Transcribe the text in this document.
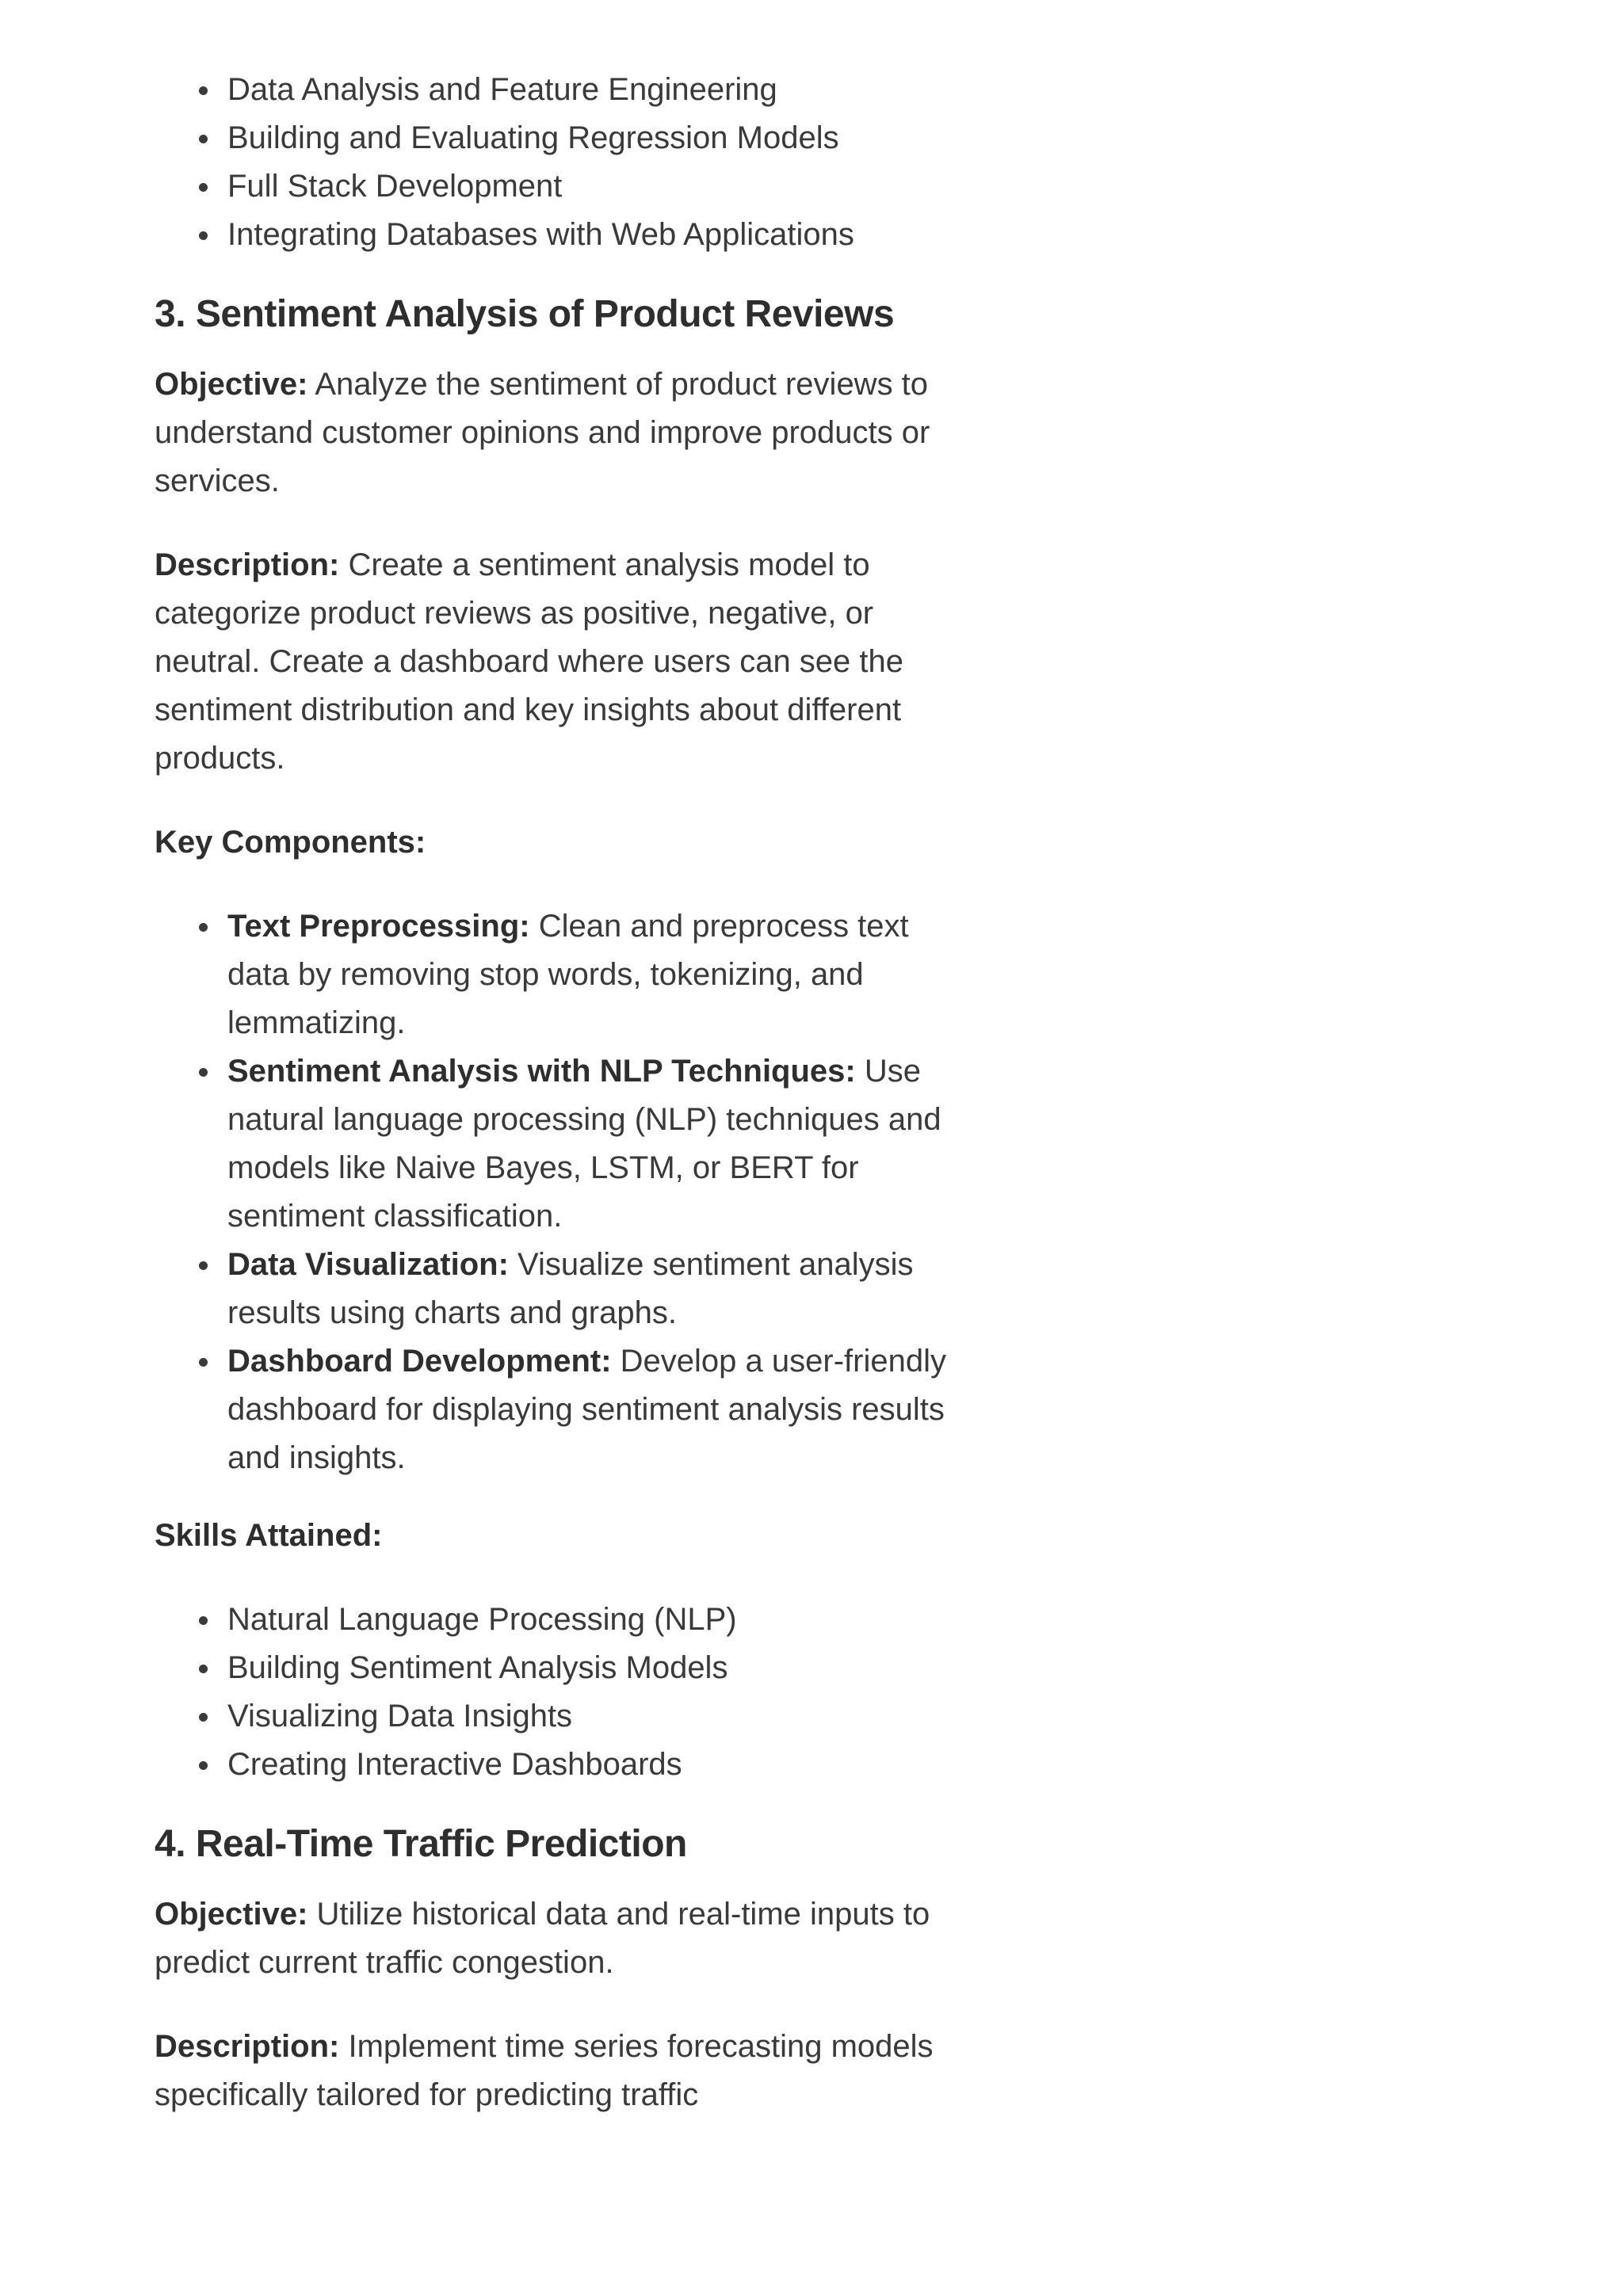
Data Analysis and Feature Engineering
Building and Evaluating Regression Models
Full Stack Development
Integrating Databases with Web Applications
3. Sentiment Analysis of Product Reviews

Objective: Analyze the sentiment of product reviews to understand customer opinions and improve products or services.

Description: Create a sentiment analysis model to categorize product reviews as positive, negative, or neutral. Create a dashboard where users can see the sentiment distribution and key insights about different products.

Key Components:

Text Preprocessing: Clean and preprocess text data by removing stop words, tokenizing, and lemmatizing.
Sentiment Analysis with NLP Techniques: Use natural language processing (NLP) techniques and models like Naive Bayes, LSTM, or BERT for sentiment classification.
Data Visualization: Visualize sentiment analysis results using charts and graphs.
Dashboard Development: Develop a user-friendly dashboard for displaying sentiment analysis results and insights.

Skills Attained:

Natural Language Processing (NLP)
Building Sentiment Analysis Models
Visualizing Data Insights
Creating Interactive Dashboards
4. Real-Time Traffic Prediction

Objective: Utilize historical data and real-time inputs to predict current traffic congestion.

Description: Implement time series forecasting models specifically tailored for predicting traffic
